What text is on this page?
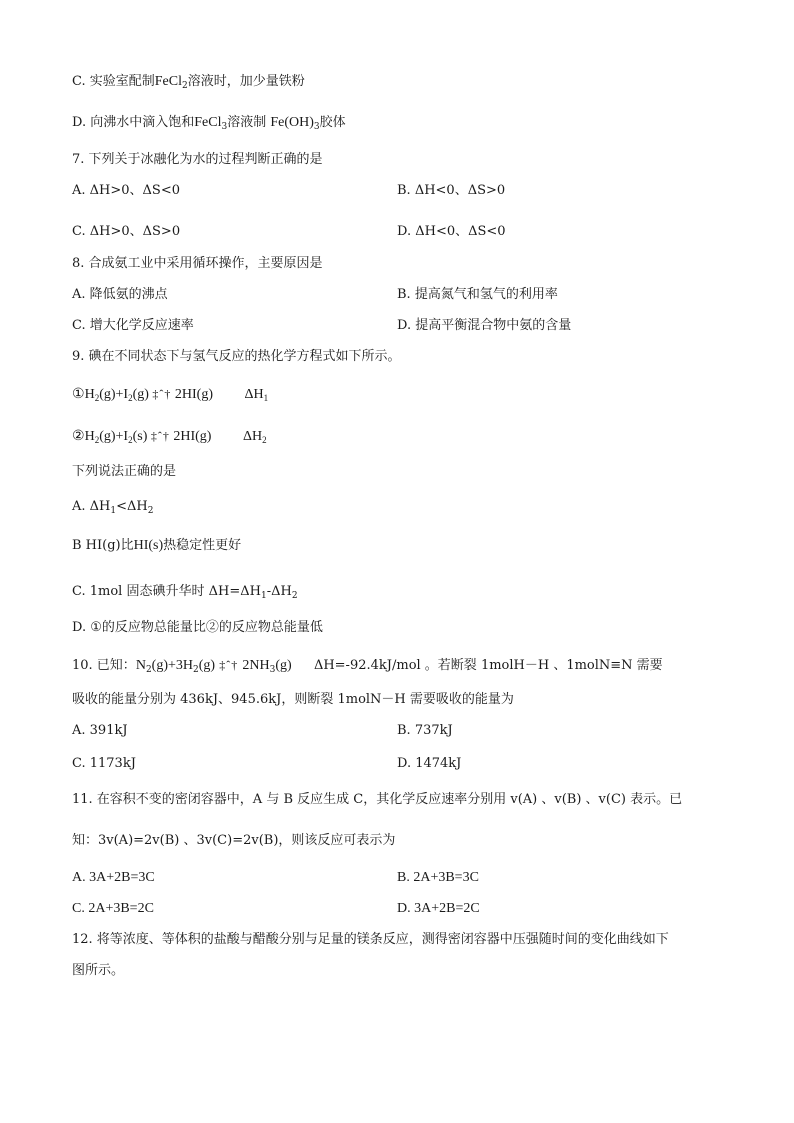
C. 实验室配制FeCl$_2$溶液时，加少量铁粉
D. 向沸水中滴入饱和FeCl$_3$溶液制 $Fe(OH)_3$胶体
7. 下列关于冰融化为水的过程判断正确的是
A. ΔH>0、ΔS<0	B. ΔH<0、ΔS>0
C. ΔH>0、ΔS>0	D. ΔH<0、ΔS<0
8. 合成氨工业中采用循环操作，主要原因是
A. 降低氨的沸点	B. 提高氮气和氢气的利用率
C. 增大化学反应速率	D. 提高平衡混合物中氨的含量
9. 碘在不同状态下与氢气反应的热化学方程式如下所示。
$①H_2(g)+I_2(g)$ ‡ˆ† 2HI(g) $\Delta H_1$
$②H_2(g)+I_2(s)$ ‡ˆ† 2HI(g) $\Delta H_2$
下列说法正确的是
A. $\Delta H_1<\Delta H_2$
B HI(g)比HI(s)热稳定性更好
C. 1mol 固态碘升华时 $\Delta H=\Delta H_1-\Delta H_2$
D. ①的反应物总能量比②的反应物总能量低
10. 已知：$N_2(g)+3H_2(g)$ ‡ˆ† $2NH_3(g)$ ΔH=-92.4kJ/mol 。若断裂 1molH－H 、1molN≡N 需要
吸收的能量分别为 436kJ、945.6kJ，则断裂 1molN－H 需要吸收的能量为
A. 391kJ	B. 737kJ
C. 1173kJ	D. 1474kJ
11. 在容积不变的密闭容器中，A 与 B 反应生成 C，其化学反应速率分别用 v(A) 、v(B) 、v(C) 表示。已
知：3v(A)=2v(B) 、3v(C)=2v(B)，则该反应可表示为
A. 3A+2B=3C	B. 2A+3B=3C
C. 2A+3B=2C	D. 3A+2B=2C
12. 将等浓度、等体积的盐酸与醋酸分别与足量的镁条反应，测得密闭容器中压强随时间的变化曲线如下
图所示。
